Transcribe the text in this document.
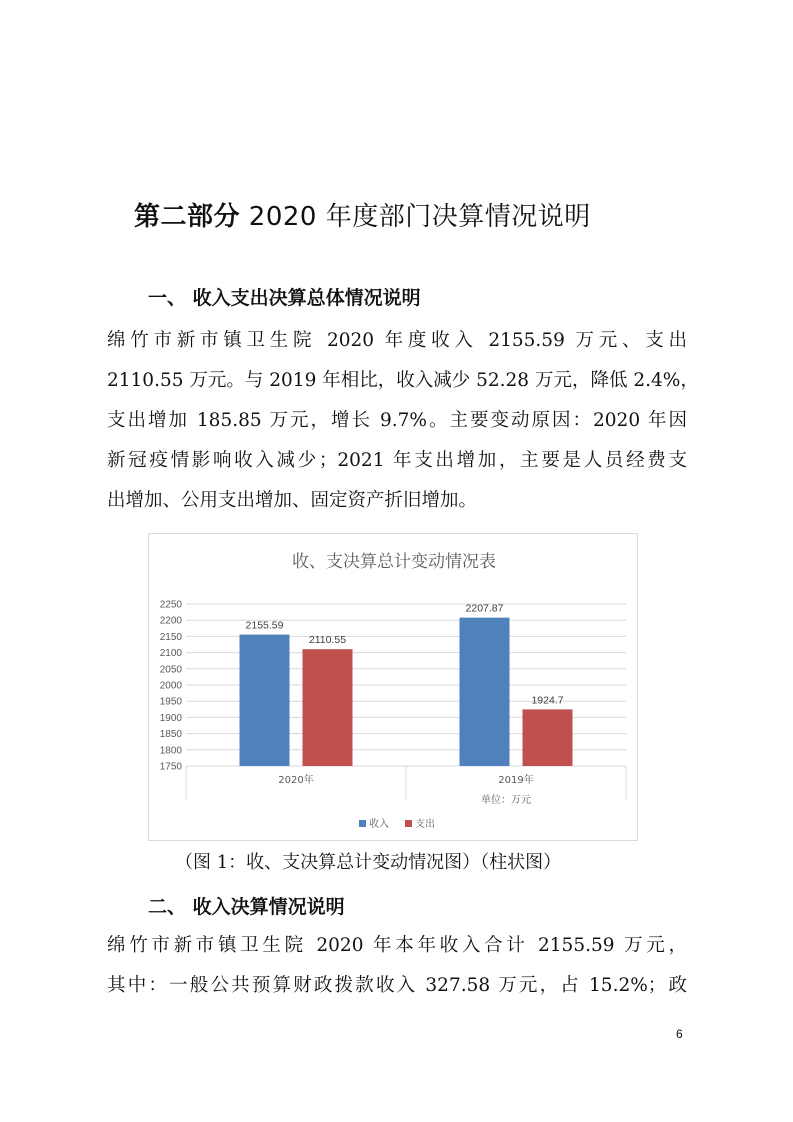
第二部分 2020 年度部门决算情况说明
一、 收入支出决算总体情况说明
绵竹市新市镇卫生院 2020 年度收入 2155.59 万元、支出
2110.55 万元。与 2019 年相比，收入减少 52.28 万元，降低 2.4%，
支出增加 185.85 万元，增长 9.7%。主要变动原因：2020 年因
新冠疫情影响收入减少；2021 年支出增加，主要是人员经费支
出增加、公用支出增加、固定资产折旧增加。
收、支决算总计变动情况表
1750
1800
1850
1900
1950
2000
2050
2100
2150
2200
2250
2155.59
2110.55
2207.87
1924.7
2020年	2019年
单位：万元
收入	支出
（图 1：收、支决算总计变动情况图）（柱状图）
二、 收入决算情况说明
绵竹市新市镇卫生院 2020 年本年收入合计 2155.59 万元，
其中：一般公共预算财政拨款收入 327.58 万元，占 15.2%；政
6
